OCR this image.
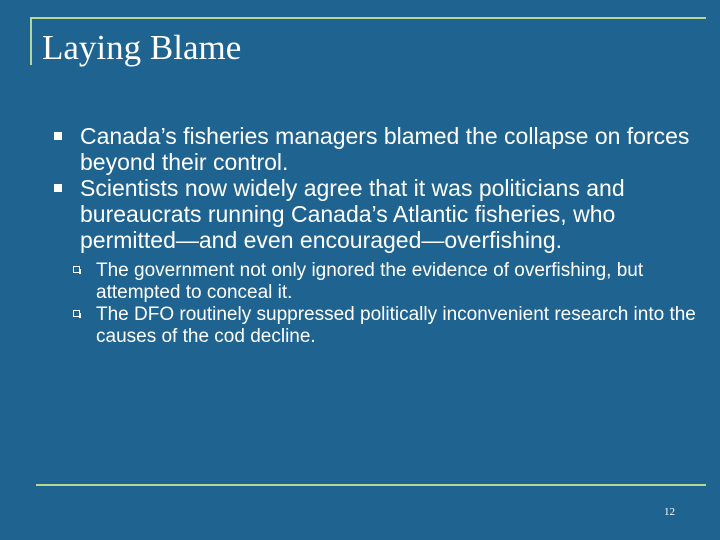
Laying Blame
Canada’s fisheries managers blamed the collapse on forces beyond their control.
Scientists now widely agree that it was politicians and bureaucrats running Canada’s Atlantic fisheries, who permitted—and even encouraged—overfishing.
The government not only ignored the evidence of overfishing, but attempted to conceal it.
The DFO routinely suppressed politically inconvenient research into the causes of the cod decline.
12
